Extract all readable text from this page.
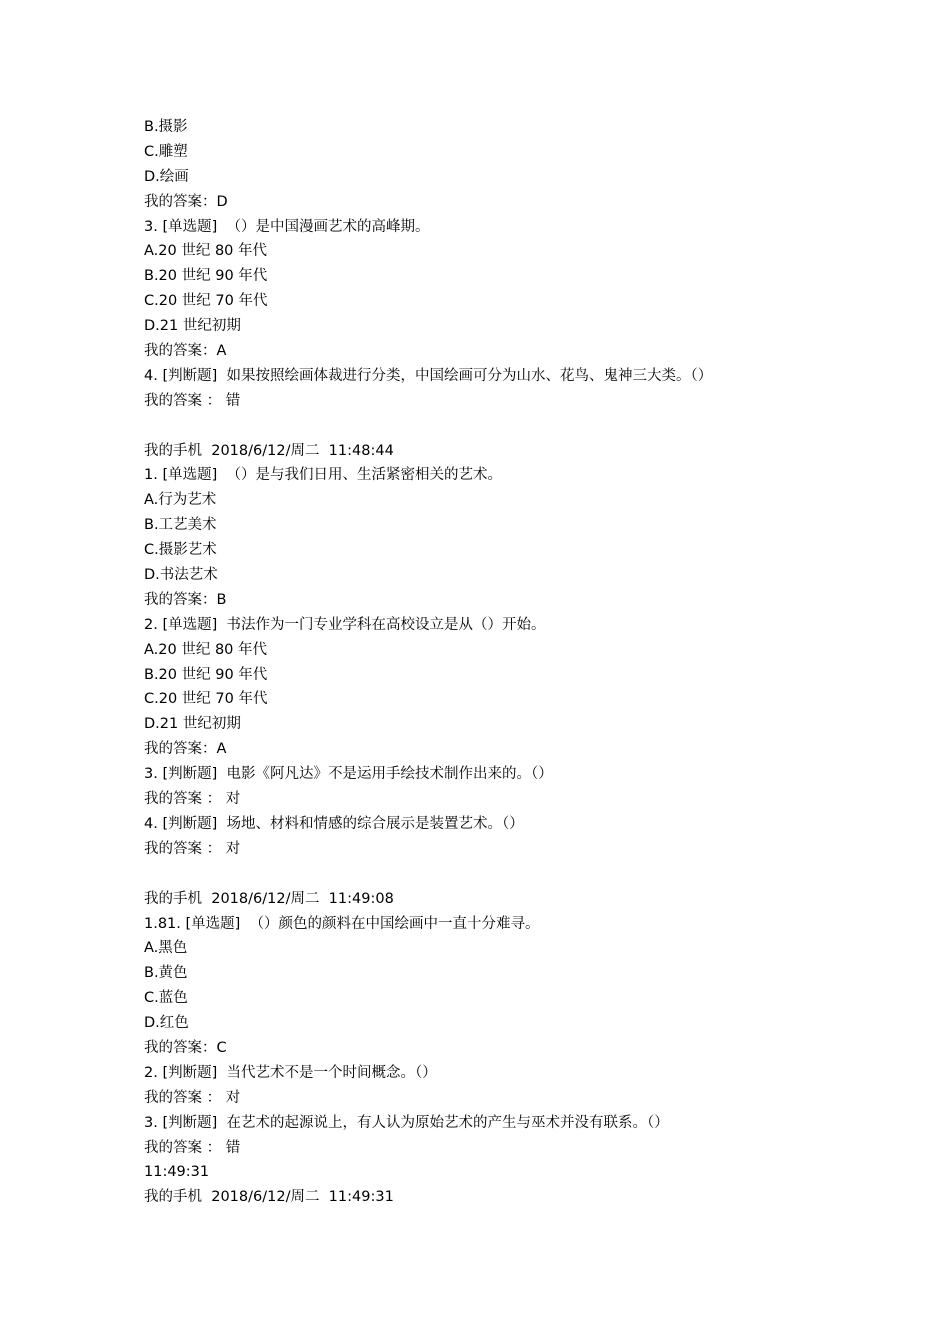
B.摄影
C.雕塑
D.绘画
我的答案：D
3. [单选题]  （）是中国漫画艺术的高峰期。
A.20 世纪 80 年代
B.20 世纪 90 年代
C.20 世纪 70 年代
D.21 世纪初期
我的答案：A
4. [判断题]  如果按照绘画体裁进行分类，中国绘画可分为山水、花鸟、鬼神三大类。（）
我的答案 ： 错
我的手机  2018/6/12/周二  11:48:44
1. [单选题]  （）是与我们日用、生活紧密相关的艺术。
A.行为艺术
B.工艺美术
C.摄影艺术
D.书法艺术
我的答案：B
2. [单选题]  书法作为一门专业学科在高校设立是从（）开始。
A.20 世纪 80 年代
B.20 世纪 90 年代
C.20 世纪 70 年代
D.21 世纪初期
我的答案：A
3. [判断题]  电影《阿凡达》不是运用手绘技术制作出来的。（）
我的答案 ： 对
4. [判断题]  场地、材料和情感的综合展示是装置艺术。（）
我的答案 ： 对
我的手机  2018/6/12/周二  11:49:08
1.81. [单选题]  （）颜色的颜料在中国绘画中一直十分难寻。
A.黑色
B.黄色
C.蓝色
D.红色
我的答案：C
2. [判断题]  当代艺术不是一个时间概念。（）
我的答案 ： 对
3. [判断题]  在艺术的起源说上，有人认为原始艺术的产生与巫术并没有联系。（）
我的答案 ： 错
11:49:31
我的手机  2018/6/12/周二  11:49:31
